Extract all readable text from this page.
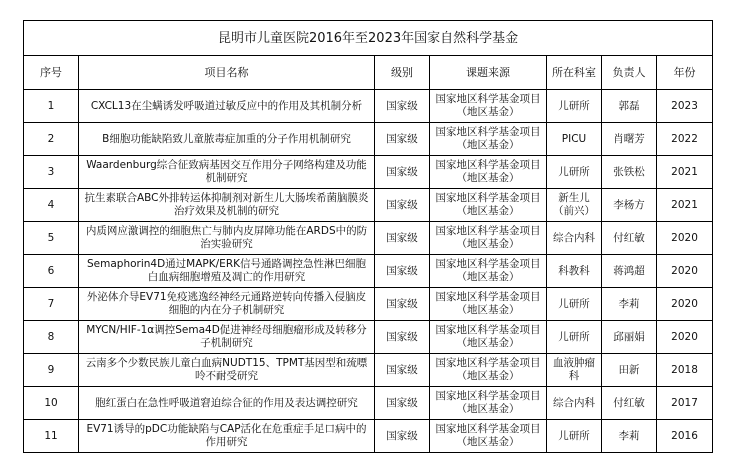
昆明市儿童医院2016年至2023年国家自然科学基金						
序号	项目名称	级别	课题来源	所在科室	负责人	年份
1	CXCL13在尘螨诱发呼吸道过敏反应中的作用及其机制分析	国家级	国家地区科学基金项目（地区基金）	儿研所	郭磊	2023
2	B细胞功能缺陷致儿童脓毒症加重的分子作用机制研究	国家级	国家地区科学基金项目（地区基金）	PICU	肖曙芳	2022
3	Waardenburg综合征致病基因交互作用分子网络构建及功能机制研究	国家级	国家地区科学基金项目（地区基金）	儿研所	张铁松	2021
4	抗生素联合ABC外排转运体抑制剂对新生儿大肠埃希菌脑膜炎治疗效果及机制的研究	国家级	国家地区科学基金项目（地区基金）	新生儿（前兴）	李杨方	2021
5	内质网应激调控的细胞焦亡与肺内皮屏障功能在ARDS中的防治实验研究	国家级	国家地区科学基金项目（地区基金）	综合内科	付红敏	2020
6	Semaphorin4D通过MAPK/ERK信号通路调控急性淋巴细胞白血病细胞增殖及凋亡的作用研究	国家级	国家地区科学基金项目（地区基金）	科教科	蒋鸿超	2020
7	外泌体介导EV71免疫逃逸经神经元通路逆转向传播入侵脑皮细胞的内在分子机制研究	国家级	国家地区科学基金项目（地区基金）	儿研所	李莉	2020
8	MYCN/HIF-1α调控Sema4D促进神经母细胞瘤形成及转移分子机制研究	国家级	国家地区科学基金项目（地区基金）	儿研所	邱丽娟	2020
9	云南多个少数民族儿童白血病NUDT15、TPMT基因型和巯嘌呤不耐受研究	国家级	国家地区科学基金项目（地区基金）	血液肿瘤科	田新	2018
10	胞红蛋白在急性呼吸道窘迫综合征的作用及表达调控研究	国家级	国家地区科学基金项目（地区基金）	综合内科	付红敏	2017
11	EV71诱导的pDC功能缺陷与CAP活化在危重症手足口病中的作用研究	国家级	国家地区科学基金项目（地区基金）	儿研所	李莉	2016
